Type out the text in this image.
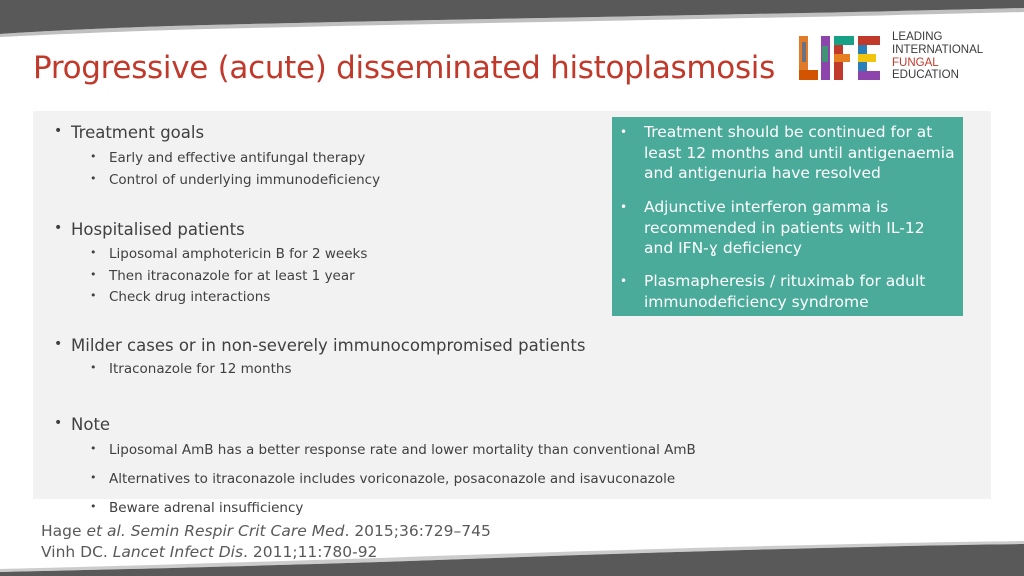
Progressive (acute) disseminated histoplasmosis
LEADING
INTERNATIONAL
FUNGAL
EDUCATION
• Treatment goals
• Early and effective antifungal therapy
• Control of underlying immunodeficiency
• Hospitalised patients
• Liposomal amphotericin B for 2 weeks
• Then itraconazole for at least 1 year
• Check drug interactions
• Milder cases or in non-severely immunocompromised patients
• Itraconazole for 12 months
• Note
• Liposomal AmB has a better response rate and lower mortality than conventional AmB
• Alternatives to itraconazole includes voriconazole, posaconazole and isavuconazole
• Beware adrenal insufficiency
• Treatment should be continued for at least 12 months and until antigenaemia and antigenuria have resolved
• Adjunctive interferon gamma is recommended in patients with IL-12 and IFN-ɣ deficiency
• Plasmapheresis / rituximab for adult immunodeficiency syndrome
Hage et al. Semin Respir Crit Care Med. 2015;36:729–745
Vinh DC. Lancet Infect Dis. 2011;11:780-92
